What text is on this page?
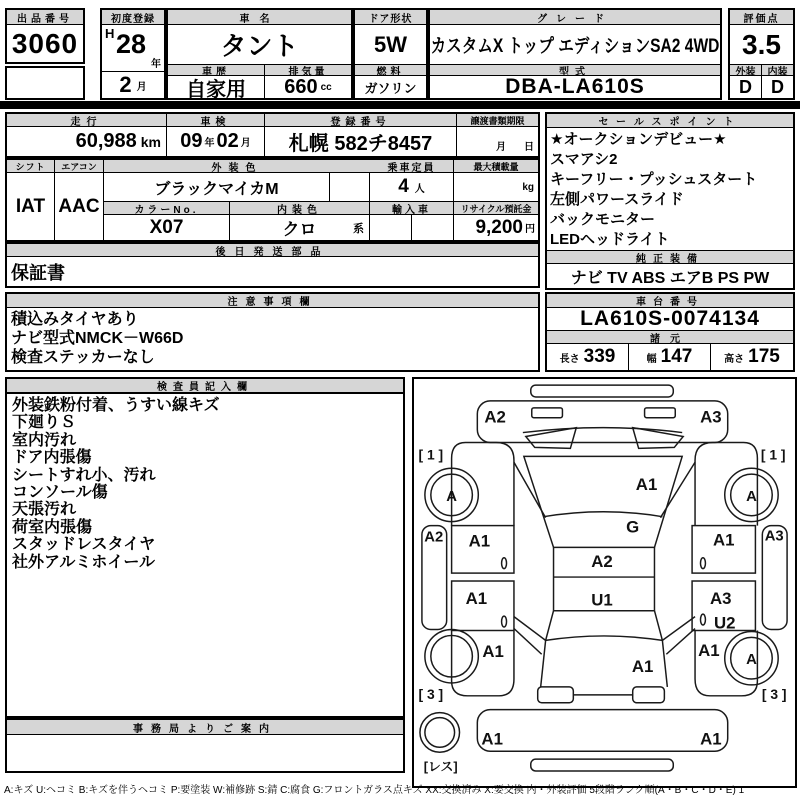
出品番号
3060
初度登録
H 28
年
2 月
車名
タント
車歴
自家用
排気量
660 cc
ドア形状
5W
燃料
ガソリン
グレード
カスタムX トップ エディションSA2 4WD
型式
DBA-LA610S
評価点
3.5
外装	内装
D	D
走行
60,988 km
車検
09 年 02 月
登録番号
札幌 582チ8457
譲渡書類期限
月 日
シフト
IAT
エアコン
AAC
外装色
ブラックマイカM
乗車定員
4 人
最大積載量
kg
カラーNo.
X07
内装色
クロ	系
輸入車	リサイクル預託金
9,200 円
後日発送部品
保証書
セールスポイント
★オークションデビュー★
スマアシ2
キーフリー・プッシュスタート
左側パワースライド
バックモニター
LEDヘッドライト
純正装備
ナビ TV ABS エアB PS PW
注意事項欄
積込みタイヤあり
ナビ型式NMCK－W66D
検査ステッカーなし
車台番号
LA610S-0074134
諸元
長さ 339	幅 147	高さ 175
検査員記入欄
外装鉄粉付着、うすい線キズ
下廻りＳ
室内汚れ
ドア内張傷
シートすれ小、汚れ
コンソール傷
天張汚れ
荷室内張傷
スタッドレスタイヤ
社外アルミホイール
事務局よりご案内
A2	A3
A1
G
A2
U1
[ 1 ]	[ 1 ]
A	A
A2	A3
A1
A1
A1
A3
U2
A1
A1	A1 A
[ 3 ]	[ 3 ]
A1	A1
[レス]
A:キズ U:ヘコミ B:キズを伴うヘコミ P:要塗装 W:補修跡 S:錆 C:腐食 G:フロントガラス点キズ XX:交換済み X:要交換 内・外装評価 5段階ランク順(A・B・C・D・E) 1
